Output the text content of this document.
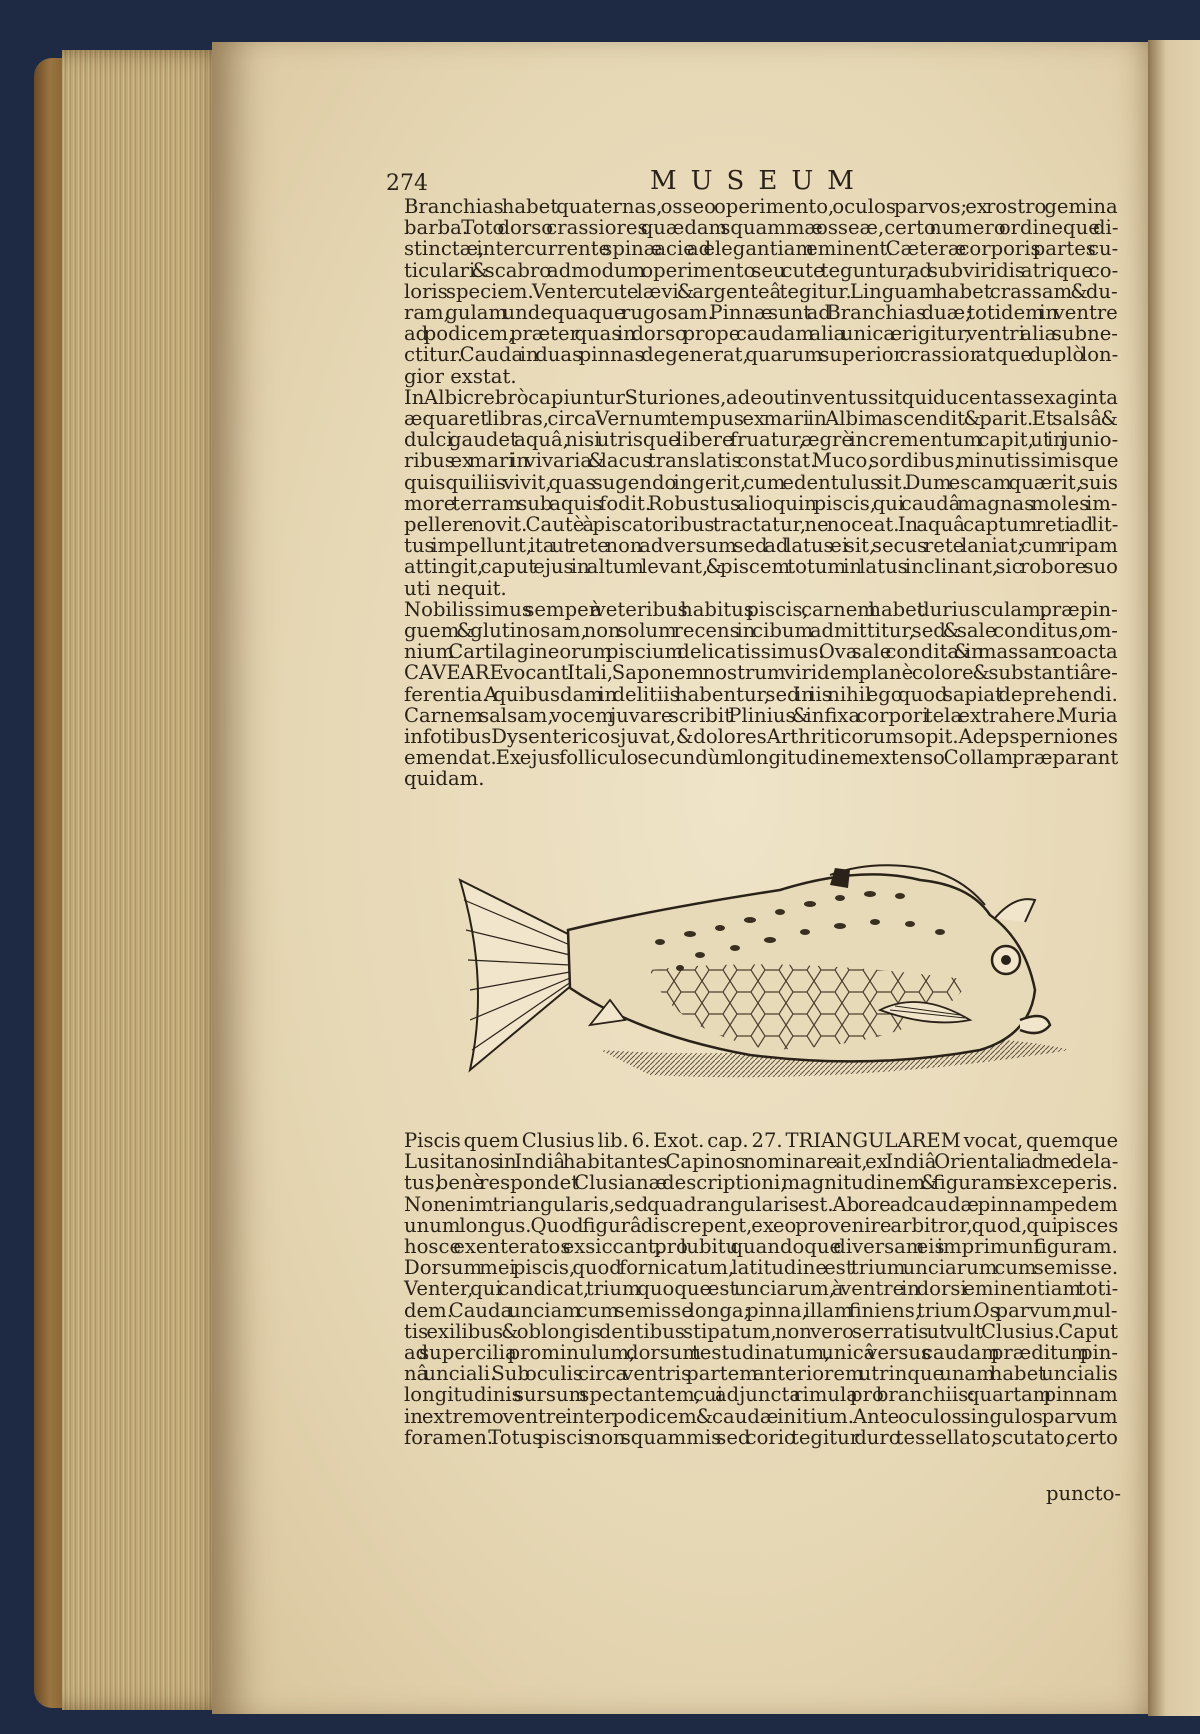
274	MUSEUM
Branchias habet quaternas, osseo operimento, oculos parvos; ex rostro gemina
barba. Toto dorso crassiores quædam squammæ osseæ,certo numero ordineque di-
stinctæ, intercurrente spinæ acie ad elegantiam eminent. Cæteræ corporis partes cu-
ticulari & scabro admodum operimento seu cute teguntur, ad subviridis atrique co-
loris speciem. Venter cute lævi & argenteâ tegitur. Linguam habet crassam & du-
ram, gulam undequaque rugosam. Pinnæ sunt ad Branchias duæ; totidem in ventre
ad podicem, præter quas in dorso prope caudam alia unica erigitur, ventri alia subne-
ctitur. Cauda in duas pinnas degenerat, quarum superior crassior atque duplò lon-
gior exstat.
In Albi crebrò capiuntur Sturiones, adeo ut inventus sit qui ducentas sexaginta
æquaret libras, circa Vernum tempus ex mari in Albim ascendit & parit. Et salsâ &
dulci gaudet aquâ, nisi utrisque libere fruatur, ægrè incrementum capit, ut in junio-
ribus ex mari in vivaria & lacus translatis constat. Muco, sordibus, minutissimisque
quisquiliis vivit, quas sugendo ingerit, cum edentulus sit. Dum escam quærit, suis
more terram sub aquis fodit. Robustus alioquin piscis, qui caudâ magnas moles im-
pellere novit. Cautè à piscatoribus tractatur, ne noceat. In aquâ captum reti ad lit-
tus impellunt, ita ut rete non adversum sed ad latus ei sit, secus rete laniat; cum ripam
attingit, caput ejus in altum levant, & piscem totum in latus inclinant, sic robore suo
uti nequit.
Nobilissimus semper à veteribus habitus piscis, carnem habet duriusculam, præpin-
guem & glutinosam, non solum recens in cibum admittitur, sed & sale conditus, om-
nium Cartilagineorum piscium delicatissimus. Ova sale condita & in massam coacta
CAVEARE vocant Itali, Saponem nostrum viridem planè colore & substantiâ re-
ferentia. A quibusdam in delitiis habentur, sed in iis nihil ego quod sapiat deprehendi.
Carnem salsam, vocem juvare scribit Plinius & infixa corpori tela extrahere. Muria
in fotibus Dysentericos juvat, & dolores Arthriticorum sopit. Adeps perniones
emendat. Ex ejus folliculo secundùm longitudinem extenso Collam præparant
quidam.
Piscis quem Clusius lib. 6. Exot. cap. 27. TRIANGULAREM vocat, quemque
Lusitanos in Indiâ habitantes Capinos nominare ait, ex Indiâ Orientali ad me dela-
tus, benè respondet Clusianæ descriptioni, magnitudinem & figuram si exceperis.
Non enim triangularis, sed quadrangularis est. Ab ore ad caudæ pinnam pedem
unum longus. Quod figurâ discrepent, ex eo provenire arbitror, quod, qui pisces
hosce exenteratos exsiccant, pro lubitu quandoque diversam eis imprimunt figuram.
Dorsum mei piscis, quod fornicatum, latitudine est trium unciarum cum semisse.
Venter, qui candicat, trium quoque est unciarum, à ventre in dorsi eminentiam toti-
dem. Cauda unciam cum semisse longa; pinna, illam finiens, trium. Os parvum, mul-
tis exilibus & oblongis dentibus stipatum, non vero serratis ut vult Clusius. Caput
ad supercilia prominulum, dorsum testudinatum, unicâ versus caudam præditum pin-
nâ unciali. Sub oculis circa ventris partem anteriorem utrinque unam habet uncialis
longitudinis sursum spectantem, cui adjuncta rimula pro branchiis: quartam pinnam
in extremo ventre inter podicem & caudæ initium. Ante oculos singulos parvum
foramen. Totus piscis non squammis sed corio tegitur duro tessellato, scutato, certo
puncto-
